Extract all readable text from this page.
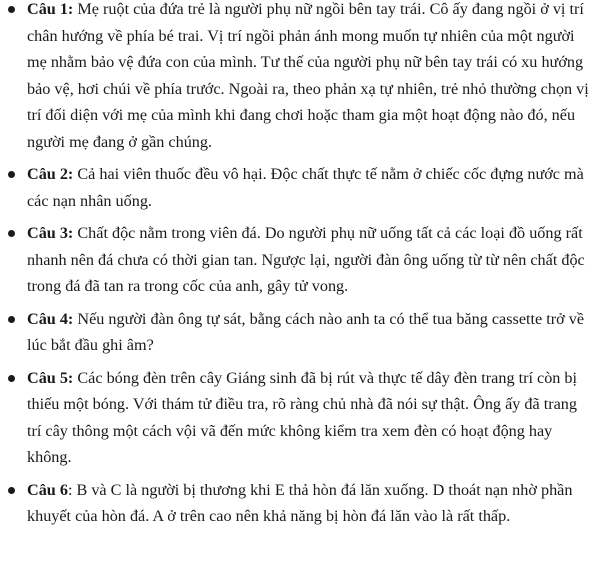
Câu 1: Mẹ ruột của đứa trẻ là người phụ nữ ngồi bên tay trái. Cô ấy đang ngồi ở vị trí chân hướng về phía bé trai. Vị trí ngồi phản ánh mong muốn tự nhiên của một người mẹ nhằm bảo vệ đứa con của mình. Tư thế của người phụ nữ bên tay trái có xu hướng bảo vệ, hơi chúi về phía trước. Ngoài ra, theo phản xạ tự nhiên, trẻ nhỏ thường chọn vị trí đối diện với mẹ của mình khi đang chơi hoặc tham gia một hoạt động nào đó, nếu người mẹ đang ở gần chúng.
Câu 2: Cả hai viên thuốc đều vô hại. Độc chất thực tế nằm ở chiếc cốc đựng nước mà các nạn nhân uống.
Câu 3: Chất độc nằm trong viên đá. Do người phụ nữ uống tất cả các loại đồ uống rất nhanh nên đá chưa có thời gian tan. Ngược lại, người đàn ông uống từ từ nên chất độc trong đá đã tan ra trong cốc của anh, gây tử vong.
Câu 4: Nếu người đàn ông tự sát, bằng cách nào anh ta có thể tua băng cassette trở về lúc bắt đầu ghi âm?
Câu 5: Các bóng đèn trên cây Giáng sinh đã bị rút và thực tế dây đèn trang trí còn bị thiếu một bóng. Với thám tử điều tra, rõ ràng chủ nhà đã nói sự thật. Ông ấy đã trang trí cây thông một cách vội vã đến mức không kiểm tra xem đèn có hoạt động hay không.
Câu 6: B và C là người bị thương khi E thả hòn đá lăn xuống. D thoát nạn nhờ phần khuyết của hòn đá. A ở trên cao nên khả năng bị hòn đá lăn vào là rất thấp.
